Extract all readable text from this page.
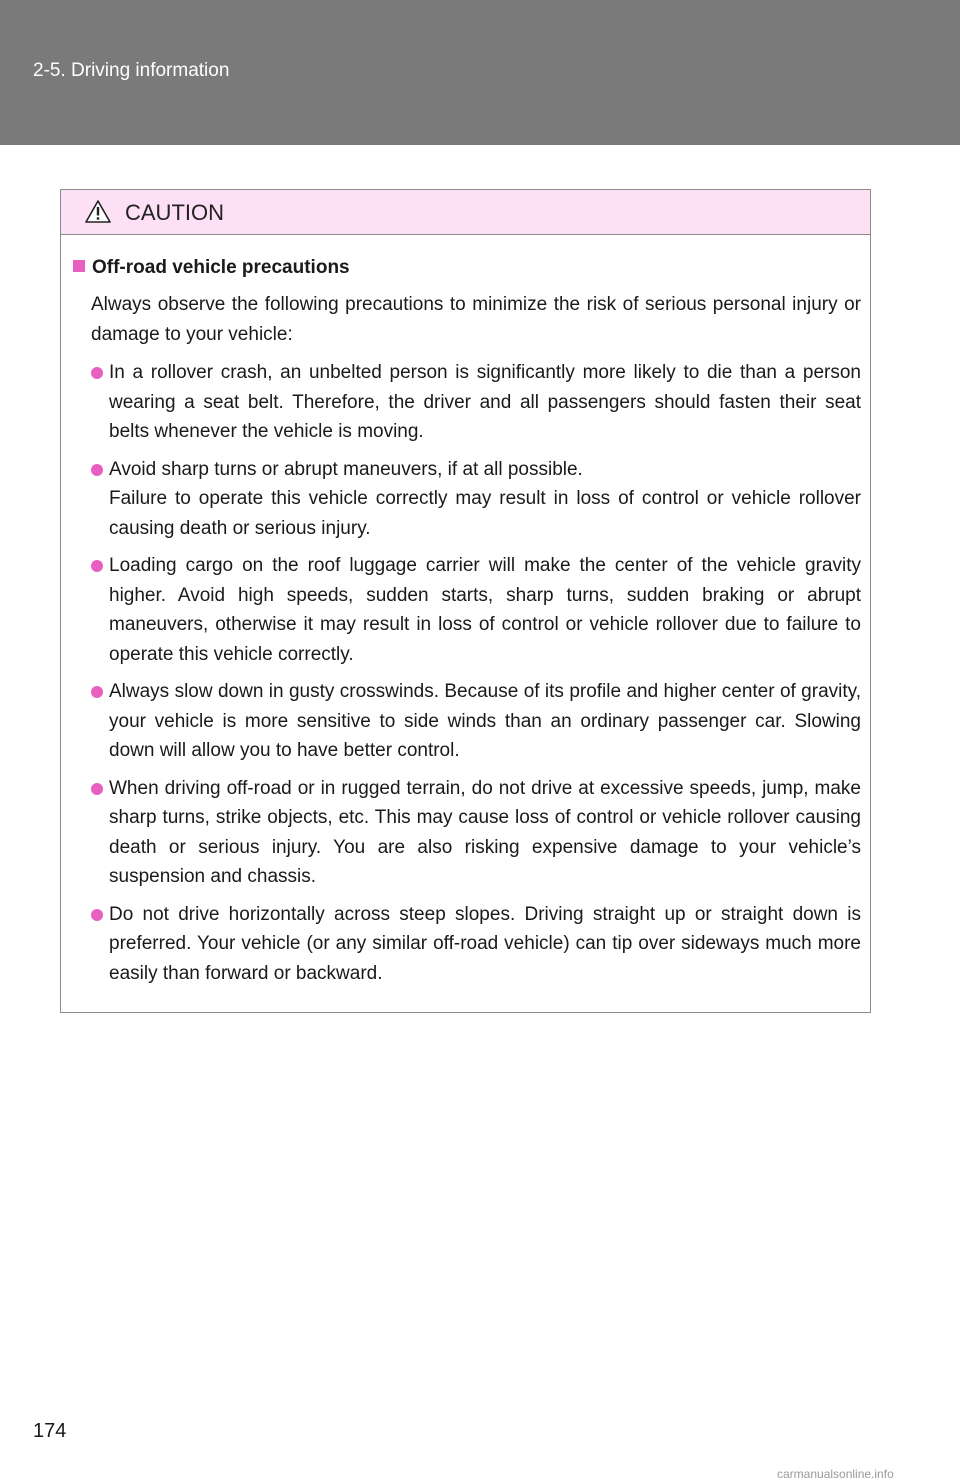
2-5. Driving information
CAUTION
Off-road vehicle precautions

Always observe the following precautions to minimize the risk of serious personal injury or damage to your vehicle:

In a rollover crash, an unbelted person is significantly more likely to die than a person wearing a seat belt. Therefore, the driver and all passengers should fasten their seat belts whenever the vehicle is moving.

Avoid sharp turns or abrupt maneuvers, if at all possible.

Failure to operate this vehicle correctly may result in loss of control or vehicle rollover causing death or serious injury.

Loading cargo on the roof luggage carrier will make the center of the vehicle gravity higher. Avoid high speeds, sudden starts, sharp turns, sudden braking or abrupt maneuvers, otherwise it may result in loss of control or vehicle rollover due to failure to operate this vehicle correctly.

Always slow down in gusty crosswinds. Because of its profile and higher center of gravity, your vehicle is more sensitive to side winds than an ordinary passenger car. Slowing down will allow you to have better control.

When driving off-road or in rugged terrain, do not drive at excessive speeds, jump, make sharp turns, strike objects, etc. This may cause loss of control or vehicle rollover causing death or serious injury. You are also risking expensive damage to your vehicle’s suspension and chassis.

Do not drive horizontally across steep slopes. Driving straight up or straight down is preferred. Your vehicle (or any similar off-road vehicle) can tip over sideways much more easily than forward or backward.

174
carmanualsonline.info
